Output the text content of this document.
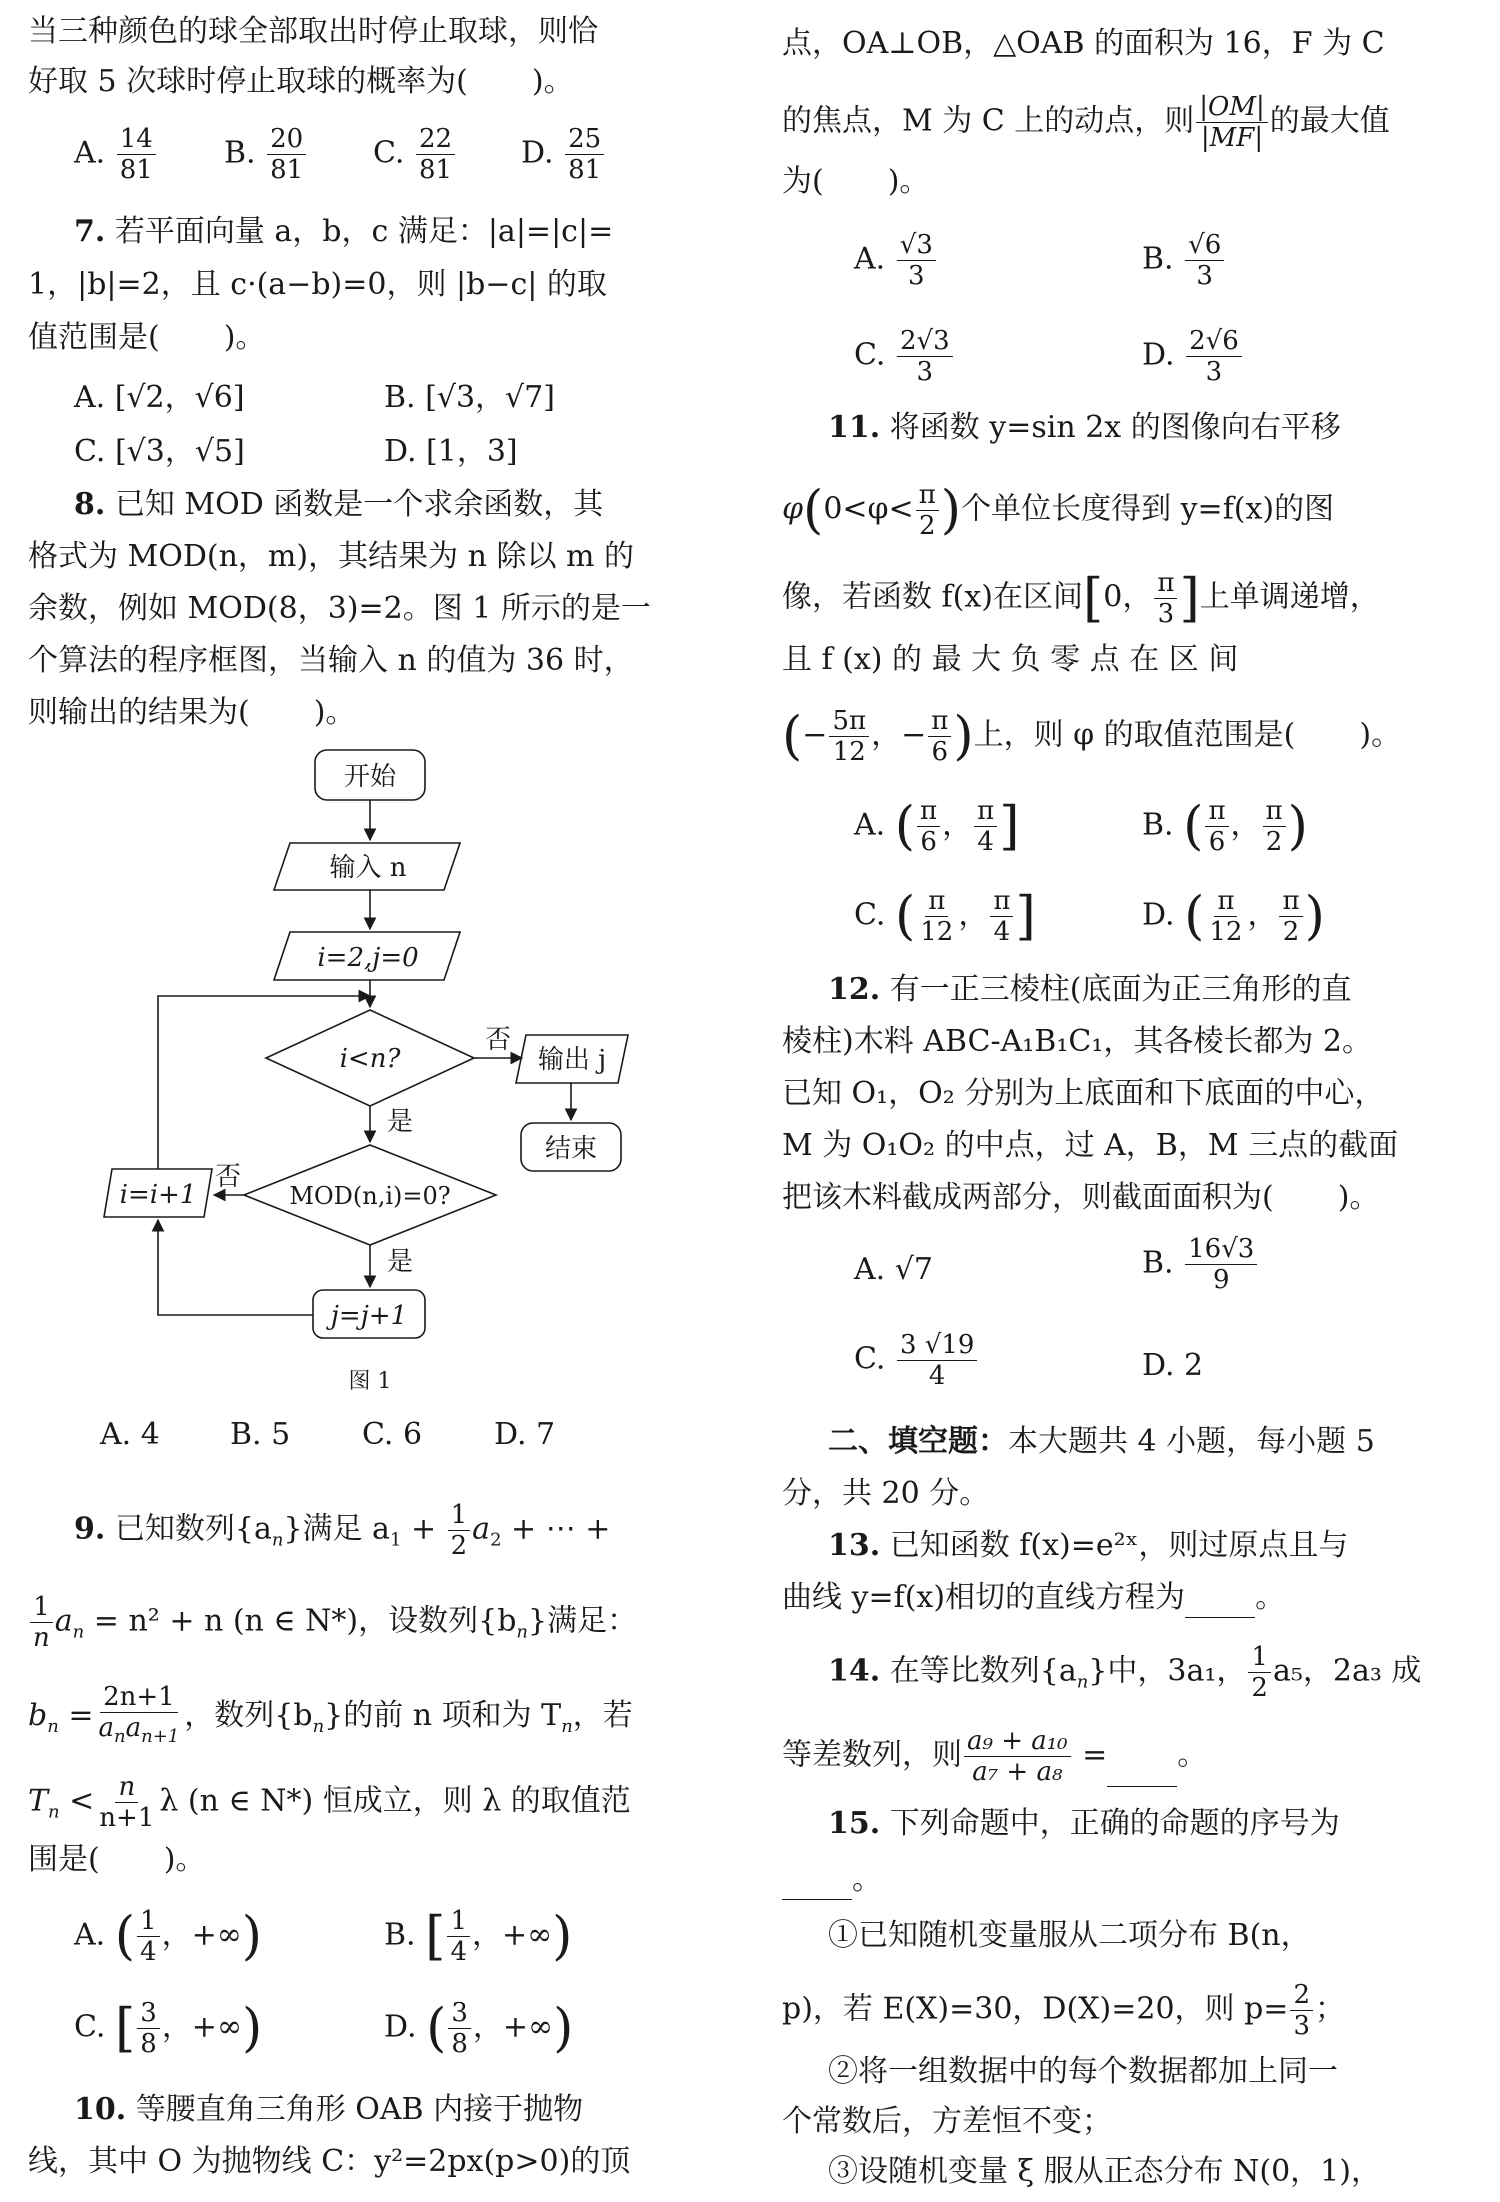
当三种颜色的球全部取出时停止取球，则恰
好取 5 次球时停止取球的概率为( )。
A. $\frac{14}{81} B$. $\frac{20}{81} C$. $\frac{22}{81} D$. $\frac{25}{81}$
7. 若平面向量 a，b，c 满足：|a|=|c|=
1，|b|=2，且 c·(a−b)=0，则 |b−c| 的取
值范围是( )。
A. [√2，√6]	B. [√3，√7]
C. [√3，√5]	D. [1，3]
8. 已知 MOD 函数是一个求余函数，其
格式为 MOD(n，m)，其结果为 n 除以 m 的
余数，例如 MOD(8，3)=2。图 1 所示的是一
个算法的程序框图，当输入 n 的值为 36 时，
则输出的结果为( )。
开始
输入 n
i=2,j=0
i<n?
否
输出 j
结束
是
MOD(n,i)=0?
否
i=i+1
是
j=j+1
图 1
A. 4 B. 5 C. 6 D. 7
9. 已知数列$\{a_n\}$满足 $a_1 + \frac{1}{2} a_2$ + ⋯ +
$\frac{1}{n} a_n = n^2 + n$ (n ∈ N*)，设数列$\{b_n\}$满足：
$b_n = \frac{2n+1}{a_na_{n+1}}$ ，数列$\{b_n\}$的前 n 项和为 $T_n$，若
$T_n < \frac{n}{n+1}$ λ (n ∈ N*) 恒成立，则 λ 的取值范
围是( )。
A. ( $\frac{1}{4}$ ，+∞)	B. [ $\frac{1}{4}$ ，+∞)
C. [ $\frac{3}{8}$ ，+∞)	D. ( $\frac{3}{8}$ ，+∞)
10. 等腰直角三角形 OAB 内接于抛物
线，其中 O 为抛物线 C：y²=2px(p>0)的顶
点，OA⊥OB，△OAB 的面积为 16，F 为 C
的焦点，M 为 C 上的动点，则 $\frac{|OM|}{|MF|}$ 的最大值
为( )。
A. $\frac{√3}{3}$	B. $\frac{√6}{3}$
C. $\frac{2√3}{3}$	D. $\frac{2√6}{3}$
11. 将函数 y=sin 2x 的图像向右平移
$\varphi(0<\varphi< \frac{\pi}{2}$ )个单位长度得到 y=f(x)的图
像，若函数 f(x)在区间[0， $\frac{\pi}{3}$ ]上单调递增，
且 f (x) 的 最 大 负 零 点 在 区 间
(− $\frac{5\pi}{12}$ ，− $\frac{\pi}{6}$ )上，则 φ 的取值范围是( )。
A. ( $\frac{\pi}{6}$ ， $\frac{\pi}{4}$ ]	B. ( $\frac{\pi}{6}$ ， $\frac{\pi}{2}$ )
C. ( $\frac{\pi}{12}$ ， $\frac{\pi}{4}$ ]	D. ( $\frac{\pi}{12}$ ， $\frac{\pi}{2}$ )
12. 有一正三棱柱(底面为正三角形的直
棱柱)木料 ABC-A₁B₁C₁，其各棱长都为 2。
已知 O₁，O₂ 分别为上底面和下底面的中心，
M 为 O₁O₂ 的中点，过 A，B，M 三点的截面
把该木料截成两部分，则截面面积为( )。
A. √7	B. $\frac{16√3}{9}$
C. $\frac{3 √19}{4}$	D. 2
二、填空题：本大题共 4 小题，每小题 5
分，共 20 分。
13. 已知函数 f(x)=e²ˣ，则过原点且与
曲线 y=f(x)相切的直线方程为 。
14. 在等比数列$\{a_n\}$中，3a₁， $\frac{1}{2} a_5$，2a₃ 成
等差数列，则 $\frac{\text{a₉ + a₁₀}}{\text{a₇ + a₈}}$ = 。
15. 下列命题中，正确的命题的序号为
。
①已知随机变量服从二项分布 B(n，
p)，若 E(X)=30，D(X)=20，则 $p= \frac{2}{3}$ ；
②将一组数据中的每个数据都加上同一
个常数后，方差恒不变；
③设随机变量 ξ 服从正态分布 N(0，1)，
